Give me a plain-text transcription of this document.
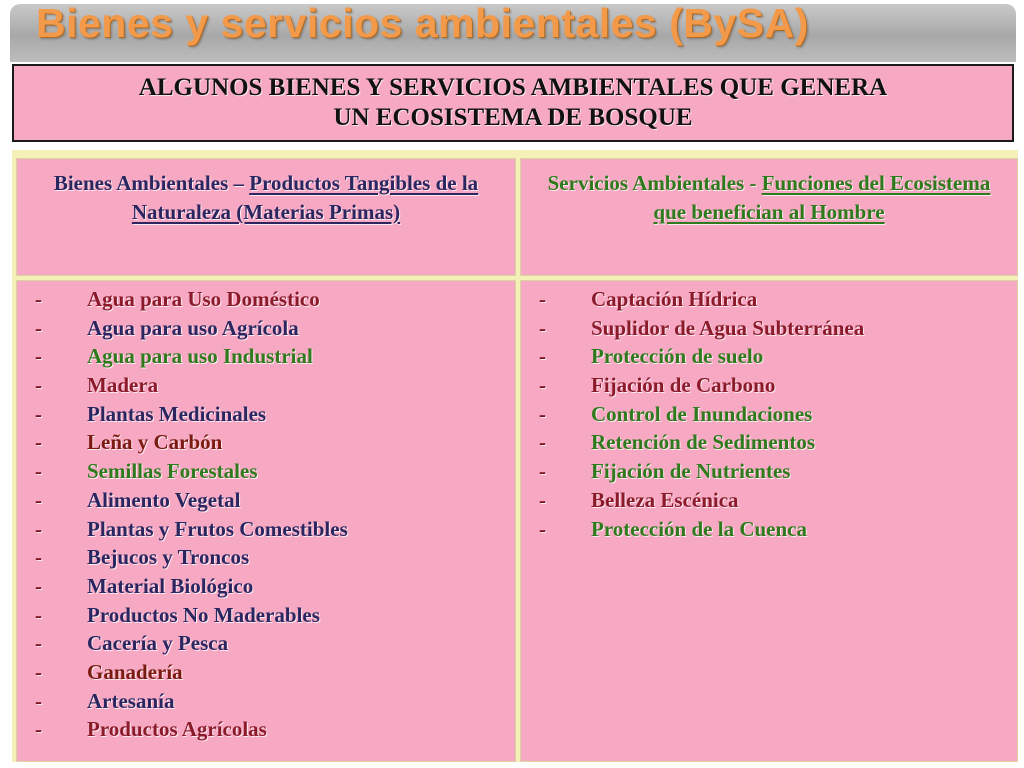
Bienes y servicios ambientales (BySA)
ALGUNOS BIENES Y SERVICIOS AMBIENTALES QUE GENERA
UN ECOSISTEMA DE BOSQUE
Bienes Ambientales – Productos Tangibles de la Naturaleza (Materias Primas)
Servicios Ambientales - Funciones del Ecosistema que benefician al Hombre
-	Agua para Uso Doméstico
-	Agua para uso Agrícola
-	Agua para uso Industrial
-	Madera
-	Plantas Medicinales
-	Leña y Carbón
-	Semillas Forestales
-	Alimento Vegetal
-	Plantas y Frutos Comestibles
-	Bejucos y Troncos
-	Material Biológico
-	Productos No Maderables
-	Cacería y Pesca
-	Ganadería
-	Artesanía
-	Productos Agrícolas
-	Captación Hídrica
-	Suplidor de Agua Subterránea
-	Protección de suelo
-	Fijación de Carbono
-	Control de Inundaciones
-	Retención de Sedimentos
-	Fijación de Nutrientes
-	Belleza Escénica
-	Protección de la Cuenca
